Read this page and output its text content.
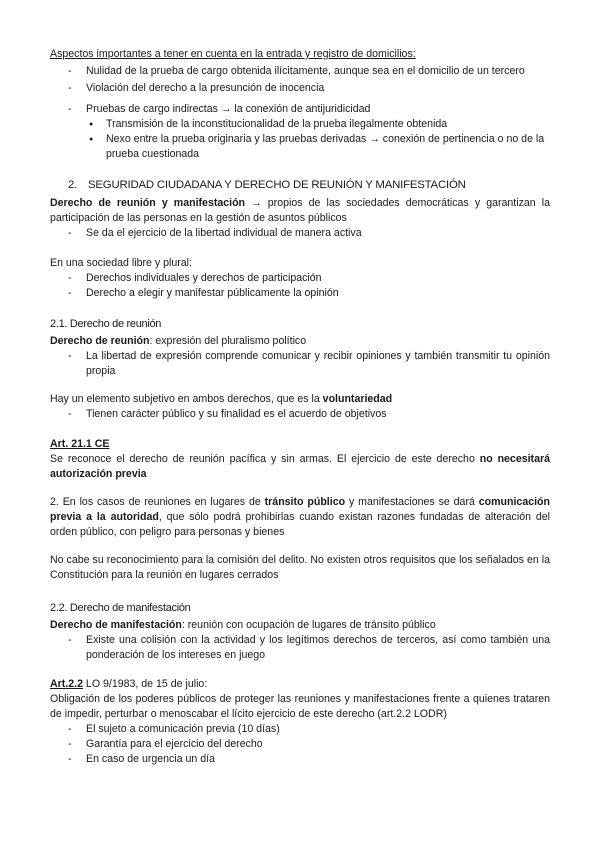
Aspectos importantes a tener en cuenta en la entrada y registro de domicilios:

- Nulidad de la prueba de cargo obtenida ilícitamente, aunque sea en el domicilio de un tercero

- Violación del derecho a la presunción de inocencia

- Pruebas de cargo indirectas → la conexión de antijuridicidad

● Transmisión de la inconstitucionalidad de la prueba ilegalmente obtenida

● Nexo entre la prueba originaria y las pruebas derivadas → conexión de pertinencia o no de la prueba cuestionada

2. SEGURIDAD CIUDADANA Y DERECHO DE REUNIÓN Y MANIFESTACIÓN

Derecho de reunión y manifestación → propios de las sociedades democráticas y garantizan la participación de las personas en la gestión de asuntos públicos

- Se da el ejercicio de la libertad individual de manera activa

En una sociedad libre y plural:

- Derechos individuales y derechos de participación

- Derecho a elegir y manifestar públicamente la opinión

2.1. Derecho de reunión

Derecho de reunión: expresión del pluralismo político

- La libertad de expresión comprende comunicar y recibir opiniones y también transmitir tu opinión propia

Hay un elemento subjetivo en ambos derechos, que es la voluntariedad

- Tienen carácter público y su finalidad es el acuerdo de objetivos

Art. 21.1 CE

Se reconoce el derecho de reunión pacífica y sin armas. El ejercicio de este derecho no necesitará autorización previa

2. En los casos de reuniones en lugares de tránsito público y manifestaciones se dará comunicación previa a la autoridad, que sólo podrá prohibirlas cuando existan razones fundadas de alteración del orden público, con peligro para personas y bienes

No cabe su reconocimiento para la comisión del delito. No existen otros requisitos que los señalados en la Constitución para la reunión en lugares cerrados

2.2. Derecho de manifestación

Derecho de manifestación: reunión con ocupación de lugares de tránsito público

- Existe una colisión con la actividad y los legítimos derechos de terceros, así como también una ponderación de los intereses en juego

Art.2.2 LO 9/1983, de 15 de julio:

Obligación de los poderes públicos de proteger las reuniones y manifestaciones frente a quienes trataren de impedir, perturbar o menoscabar el lícito ejercicio de este derecho (art.2.2 LODR)

- El sujeto a comunicación previa (10 días)

- Garantía para el ejercicio del derecho

- En caso de urgencia un día
